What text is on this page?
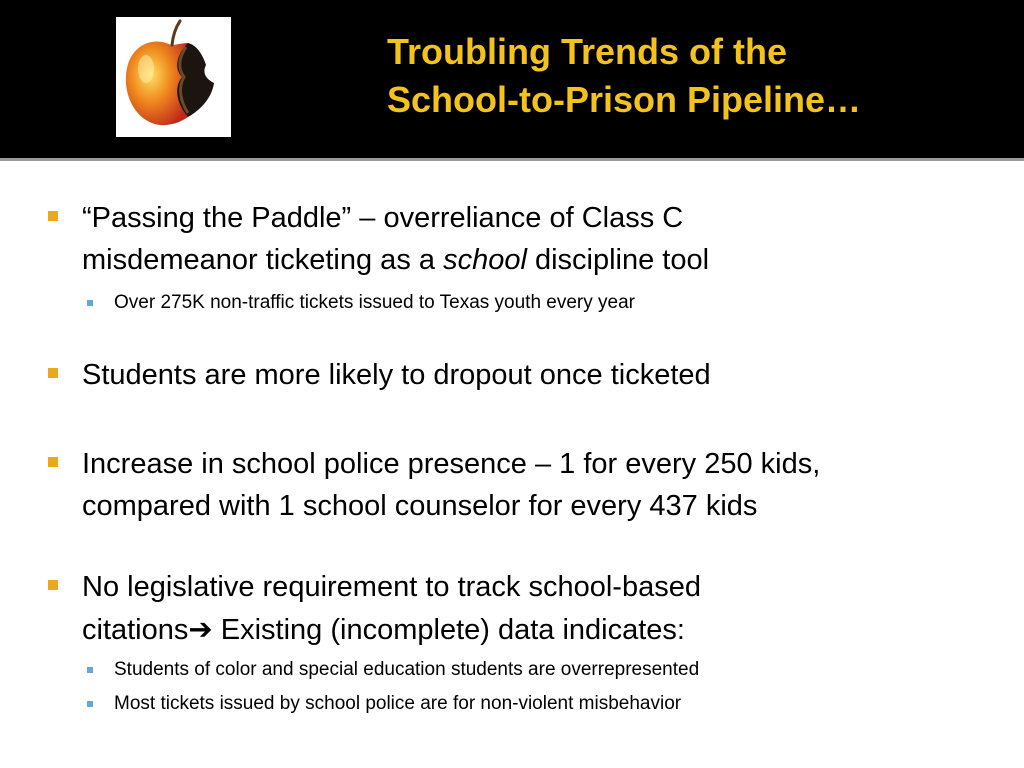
Troubling Trends of the
School-to-Prison Pipeline…
“Passing the Paddle” – overreliance of Class C
misdemeanor ticketing as a school discipline tool
Over 275K non-traffic tickets issued to Texas youth every year
Students are more likely to dropout once ticketed
Increase in school police presence – 1 for every 250 kids,
compared with 1 school counselor for every 437 kids
No legislative requirement to track school-based
citations➔ Existing (incomplete) data indicates:
Students of color and special education students are overrepresented
Most tickets issued by school police are for non-violent misbehavior
